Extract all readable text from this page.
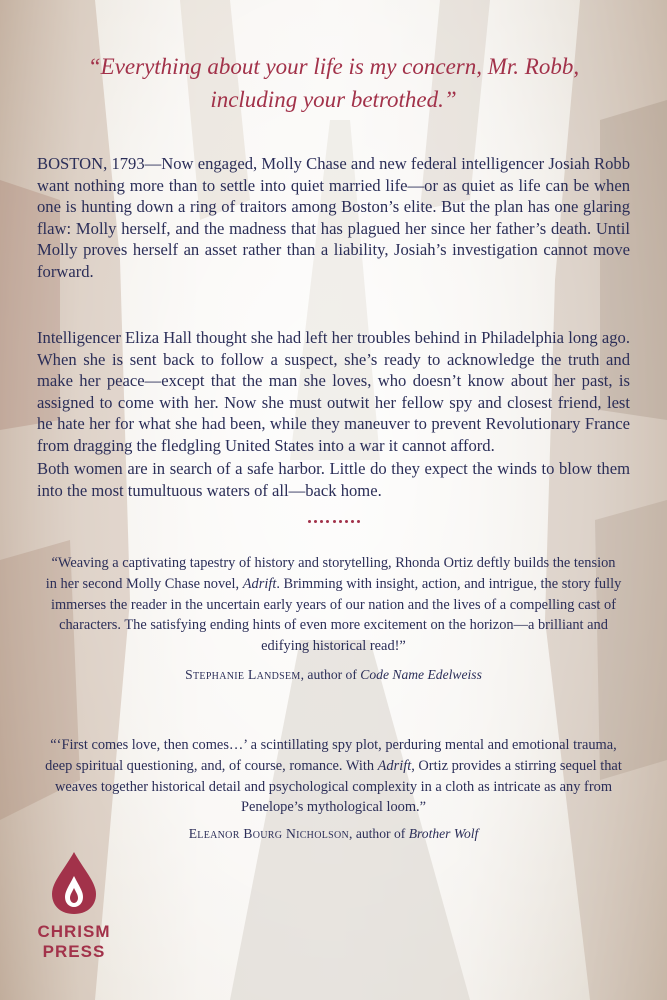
“Everything about your life is my concern, Mr. Robb,
including your betrothed.”
BOSTON, 1793—Now engaged, Molly Chase and new federal intelligencer Josiah Robb want nothing more than to settle into quiet married life—or as quiet as life can be when one is hunting down a ring of traitors among Boston’s elite. But the plan has one glaring flaw: Molly herself, and the madness that has plagued her since her father’s death. Until Molly proves herself an asset rather than a liability, Josiah’s investigation cannot move forward.
Intelligencer Eliza Hall thought she had left her troubles behind in Philadelphia long ago. When she is sent back to follow a suspect, she’s ready to acknowledge the truth and make her peace—except that the man she loves, who doesn’t know about her past, is assigned to come with her. Now she must outwit her fellow spy and closest friend, lest he hate her for what she had been, while they maneuver to prevent Revolutionary France from dragging the fledgling United States into a war it cannot afford.
Both women are in search of a safe harbor. Little do they expect the winds to blow them into the most tumultuous waters of all—back home.
“Weaving a captivating tapestry of history and storytelling, Rhonda Ortiz deftly builds the tension in her second Molly Chase novel, Adrift. Brimming with insight, action, and intrigue, the story fully immerses the reader in the uncertain early years of our nation and the lives of a compelling cast of characters. The satisfying ending hints of even more excitement on the horizon—a brilliant and edifying historical read!”
Stephanie Landsem, author of Code Name Edelweiss
“‘First comes love, then comes…’ a scintillating spy plot, perduring mental and emotional trauma, deep spiritual questioning, and, of course, romance. With Adrift, Ortiz provides a stirring sequel that weaves together historical detail and psychological complexity in a cloth as intricate as any from Penelope’s mythological loom.”
Eleanor Bourg Nicholson, author of Brother Wolf
CHRISM
PRESS
